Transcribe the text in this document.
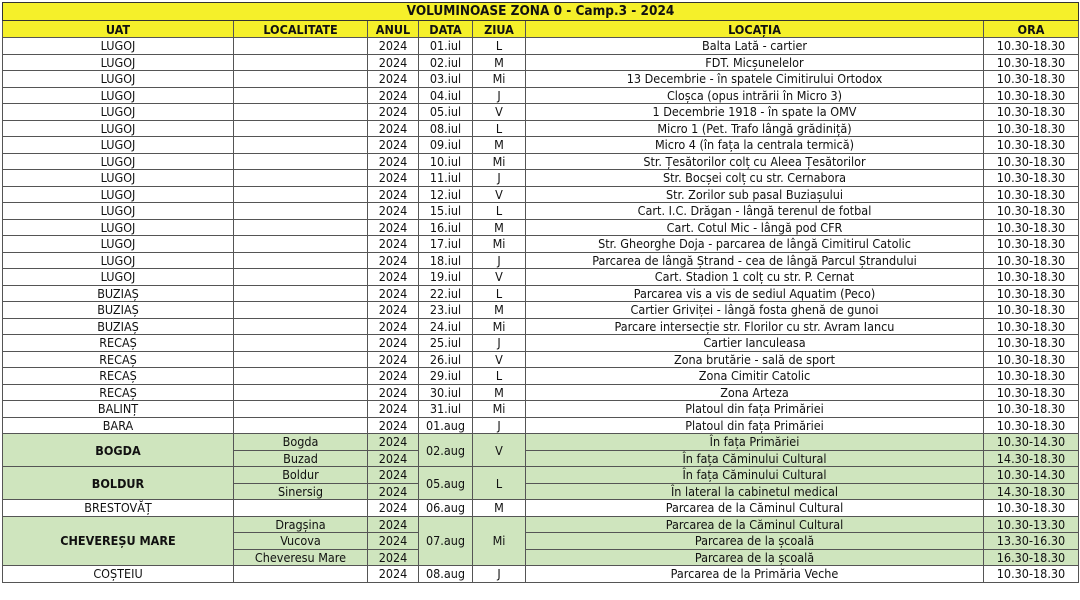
VOLUMINOASE ZONA 0 - Camp.3 - 2024						
UAT	LOCALITATE	ANUL	DATA	ZIUA	LOCAȚIA	ORA
LUGOJ		2024	01.iul	L	Balta Lată - cartier	10.30-18.30
LUGOJ		2024	02.iul	M	FDT. Micșunelelor	10.30-18.30
LUGOJ		2024	03.iul	Mi	13 Decembrie - în spatele Cimitirului Ortodox	10.30-18.30
LUGOJ		2024	04.iul	J	Cloșca (opus intrării în Micro 3)	10.30-18.30
LUGOJ		2024	05.iul	V	1 Decembrie 1918 - în spate la OMV	10.30-18.30
LUGOJ		2024	08.iul	L	Micro 1 (Pet. Trafo lângă grădiniță)	10.30-18.30
LUGOJ		2024	09.iul	M	Micro 4 (în fața la centrala termică)	10.30-18.30
LUGOJ		2024	10.iul	Mi	Str. Țesătorilor colț cu Aleea Țesătorilor	10.30-18.30
LUGOJ		2024	11.iul	J	Str. Bocșei colț cu str. Cernabora	10.30-18.30
LUGOJ		2024	12.iul	V	Str. Zorilor sub pasal Buziașului	10.30-18.30
LUGOJ		2024	15.iul	L	Cart. I.C. Drăgan - lângă terenul de fotbal	10.30-18.30
LUGOJ		2024	16.iul	M	Cart. Cotul Mic - lângă pod CFR	10.30-18.30
LUGOJ		2024	17.iul	Mi	Str. Gheorghe Doja - parcarea de lângă Cimitirul Catolic	10.30-18.30
LUGOJ		2024	18.iul	J	Parcarea de lângă Ștrand - cea de lângă Parcul Ștrandului	10.30-18.30
LUGOJ		2024	19.iul	V	Cart. Stadion 1 colț cu str. P. Cernat	10.30-18.30
BUZIAȘ		2024	22.iul	L	Parcarea vis a vis de sediul Aquatim (Peco)	10.30-18.30
BUZIAȘ		2024	23.iul	M	Cartier Griviței - lângă fosta ghenă de gunoi	10.30-18.30
BUZIAȘ		2024	24.iul	Mi	Parcare intersecție str. Florilor cu str. Avram Iancu	10.30-18.30
RECAȘ		2024	25.iul	J	Cartier Ianculeasa	10.30-18.30
RECAȘ		2024	26.iul	V	Zona brutărie - sală de sport	10.30-18.30
RECAȘ		2024	29.iul	L	Zona Cimitir Catolic	10.30-18.30
RECAȘ		2024	30.iul	M	Zona Arteza	10.30-18.30
BALINȚ		2024	31.iul	Mi	Platoul din fața Primăriei	10.30-18.30
BARA		2024	01.aug	J	Platoul din fața Primăriei	10.30-18.30
BOGDA	Bogda	2024	02.aug	V	În fața Primăriei	10.30-14.30
	Buzad	2024			În fața Căminului Cultural	14.30-18.30
BOLDUR	Boldur	2024	05.aug	L	În fața Căminului Cultural	10.30-14.30
	Sinersig	2024			În lateral la cabinetul medical	14.30-18.30
BRESTOVĂȚ		2024	06.aug	M	Parcarea de la Căminul Cultural	10.30-18.30
CHEVEREȘU MARE	Dragșina	2024	07.aug	Mi	Parcarea de la Căminul Cultural	10.30-13.30
	Vucova	2024			Parcarea de la școală	13.30-16.30
	Cheveresu Mare	2024			Parcarea de la școală	16.30-18.30
COȘTEIU		2024	08.aug	J	Parcarea de la Primăria Veche	10.30-18.30
